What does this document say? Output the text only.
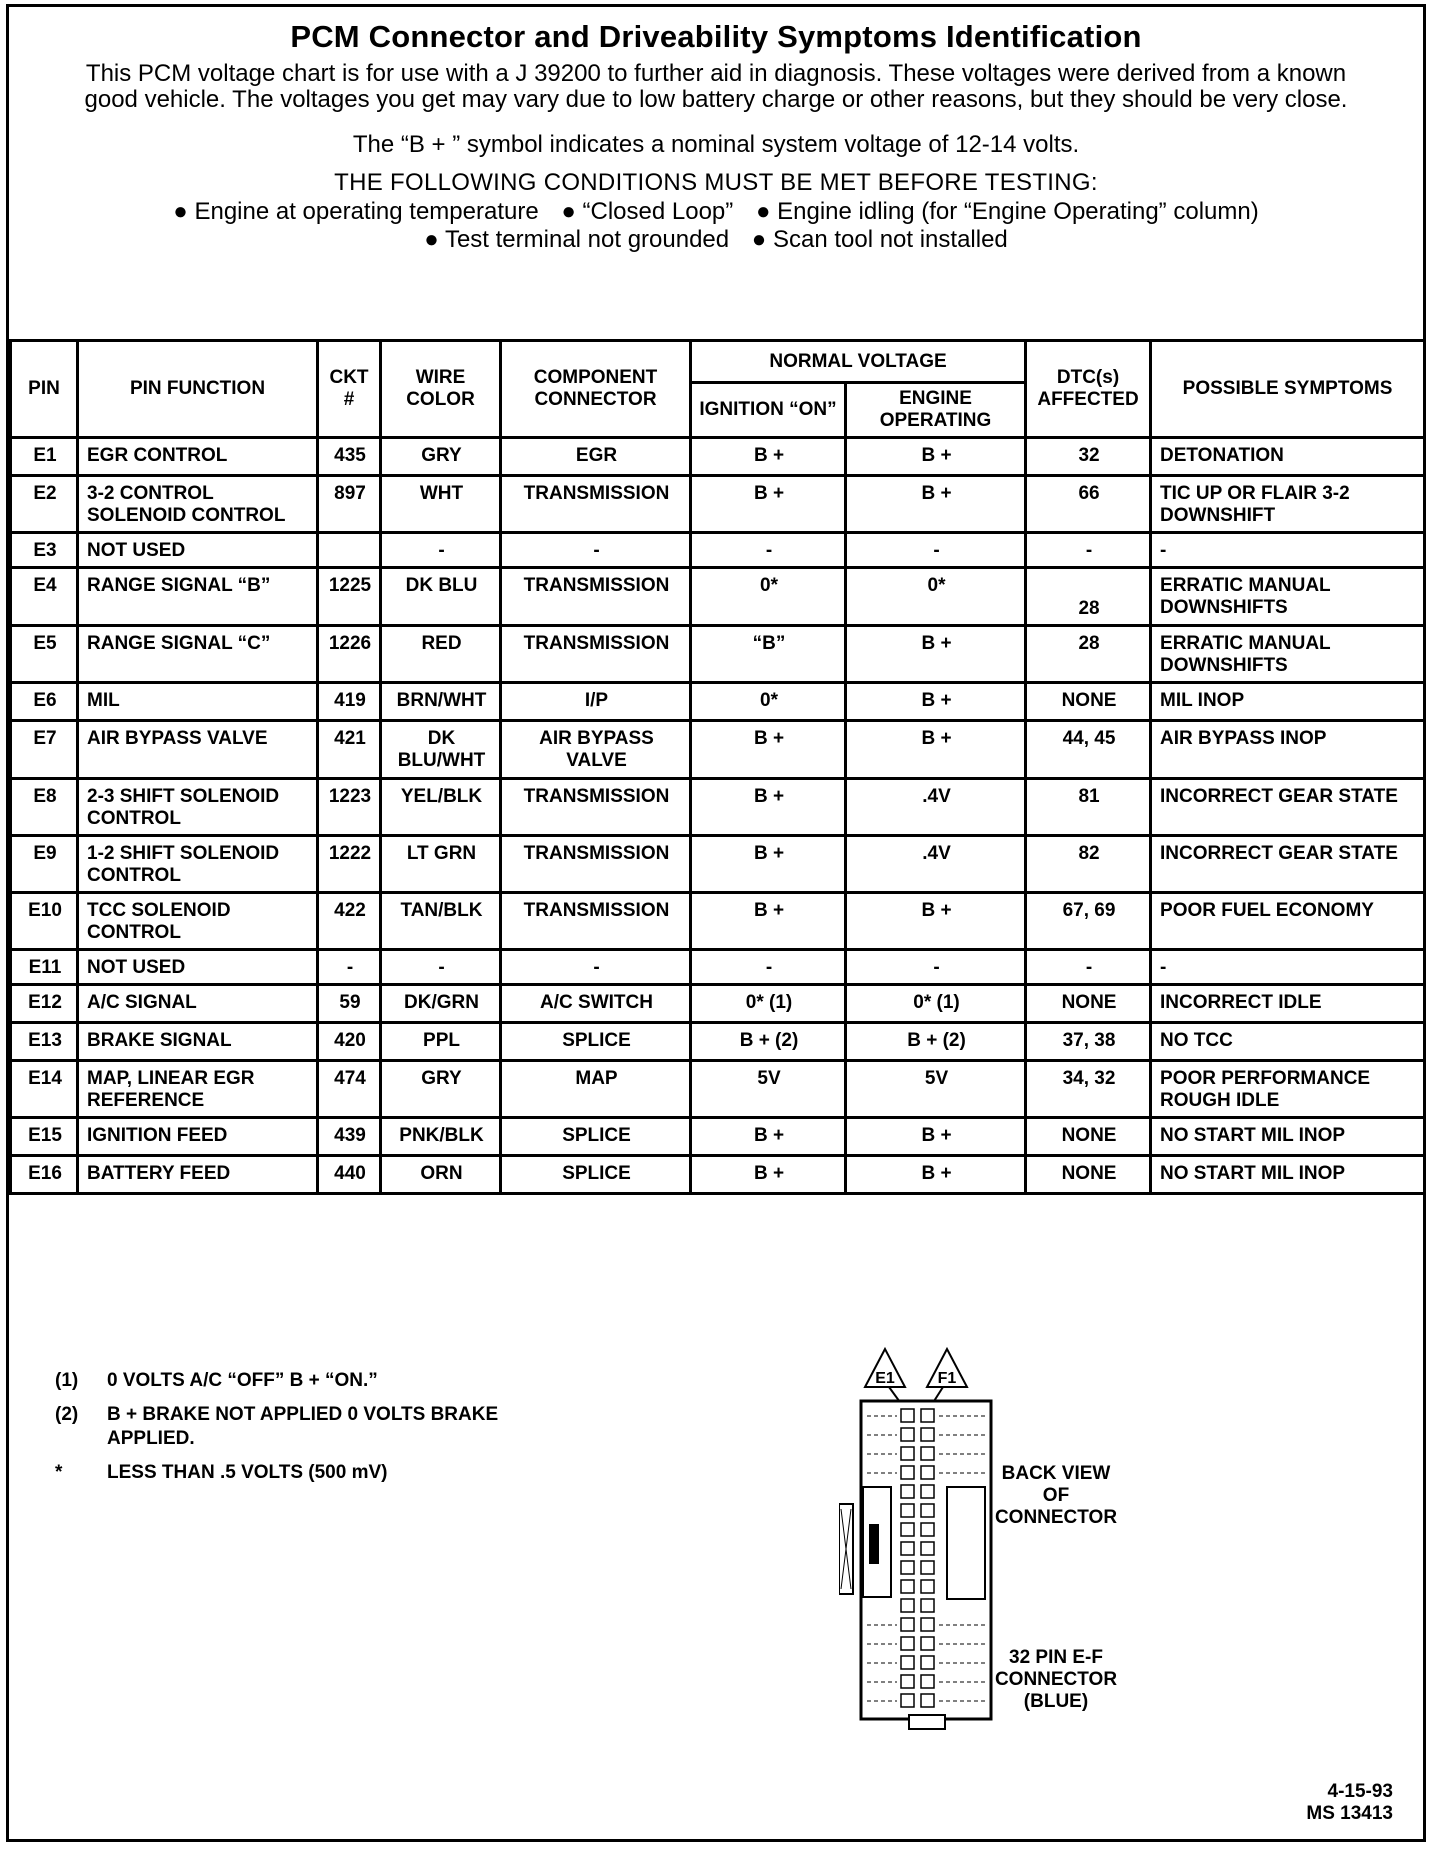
PCM Connector and Driveability Symptoms Identification
This PCM voltage chart is for use with a J 39200 to further aid in diagnosis. These voltages were derived from a known good vehicle. The voltages you get may vary due to low battery charge or other reasons, but they should be very close.
The “B + ” symbol indicates a nominal system voltage of 12-14 volts.
THE FOLLOWING CONDITIONS MUST BE MET BEFORE TESTING:
● Engine at operating temperature ● “Closed Loop” ● Engine idling (for “Engine Operating” column)
● Test terminal not grounded ● Scan tool not installed
PIN	PIN FUNCTION	CKT #	WIRE COLOR	COMPONENT CONNECTOR	NORMAL VOLTAGE		DTC(s) AFFECTED	POSSIBLE SYMPTOMS
					IGNITION “ON”	ENGINE OPERATING		
E1	EGR CONTROL	435	GRY	EGR	B +	B +	32	DETONATION
E2	3-2 CONTROL SOLENOID CONTROL	897	WHT	TRANSMISSION	B +	B +	66	TIC UP OR FLAIR 3-2 DOWNSHIFT
E3	NOT USED		-	-	-	-	-	-
E4	RANGE SIGNAL “B”	1225	DK BLU	TRANSMISSION	0*	0*	28	ERRATIC MANUAL DOWNSHIFTS
E5	RANGE SIGNAL “C”	1226	RED	TRANSMISSION	“B”	B +	28	ERRATIC MANUAL DOWNSHIFTS
E6	MIL	419	BRN/WHT	I/P	0*	B +	NONE	MIL INOP
E7	AIR BYPASS VALVE	421	DK BLU/WHT	AIR BYPASS VALVE	B +	B +	44, 45	AIR BYPASS INOP
E8	2-3 SHIFT SOLENOID CONTROL	1223	YEL/BLK	TRANSMISSION	B +	.4V	81	INCORRECT GEAR STATE
E9	1-2 SHIFT SOLENOID CONTROL	1222	LT GRN	TRANSMISSION	B +	.4V	82	INCORRECT GEAR STATE
E10	TCC SOLENOID CONTROL	422	TAN/BLK	TRANSMISSION	B +	B +	67, 69	POOR FUEL ECONOMY
E11	NOT USED	-	-	-	-	-	-	-
E12	A/C SIGNAL	59	DK/GRN	A/C SWITCH	0* (1)	0* (1)	NONE	INCORRECT IDLE
E13	BRAKE SIGNAL	420	PPL	SPLICE	B + (2)	B + (2)	37, 38	NO TCC
E14	MAP, LINEAR EGR REFERENCE	474	GRY	MAP	5V	5V	34, 32	POOR PERFORMANCE ROUGH IDLE
E15	IGNITION FEED	439	PNK/BLK	SPLICE	B +	B +	NONE	NO START MIL INOP
E16	BATTERY FEED	440	ORN	SPLICE	B +	B +	NONE	NO START MIL INOP
(1)	0 VOLTS A/C “OFF” B + “ON.”
(2)	B + BRAKE NOT APPLIED 0 VOLTS BRAKE APPLIED.
*	LESS THAN .5 VOLTS (500 mV)
E1	F1
BACK VIEW OF CONNECTOR
32 PIN E-F CONNECTOR (BLUE)
4-15-93
MS 13413
